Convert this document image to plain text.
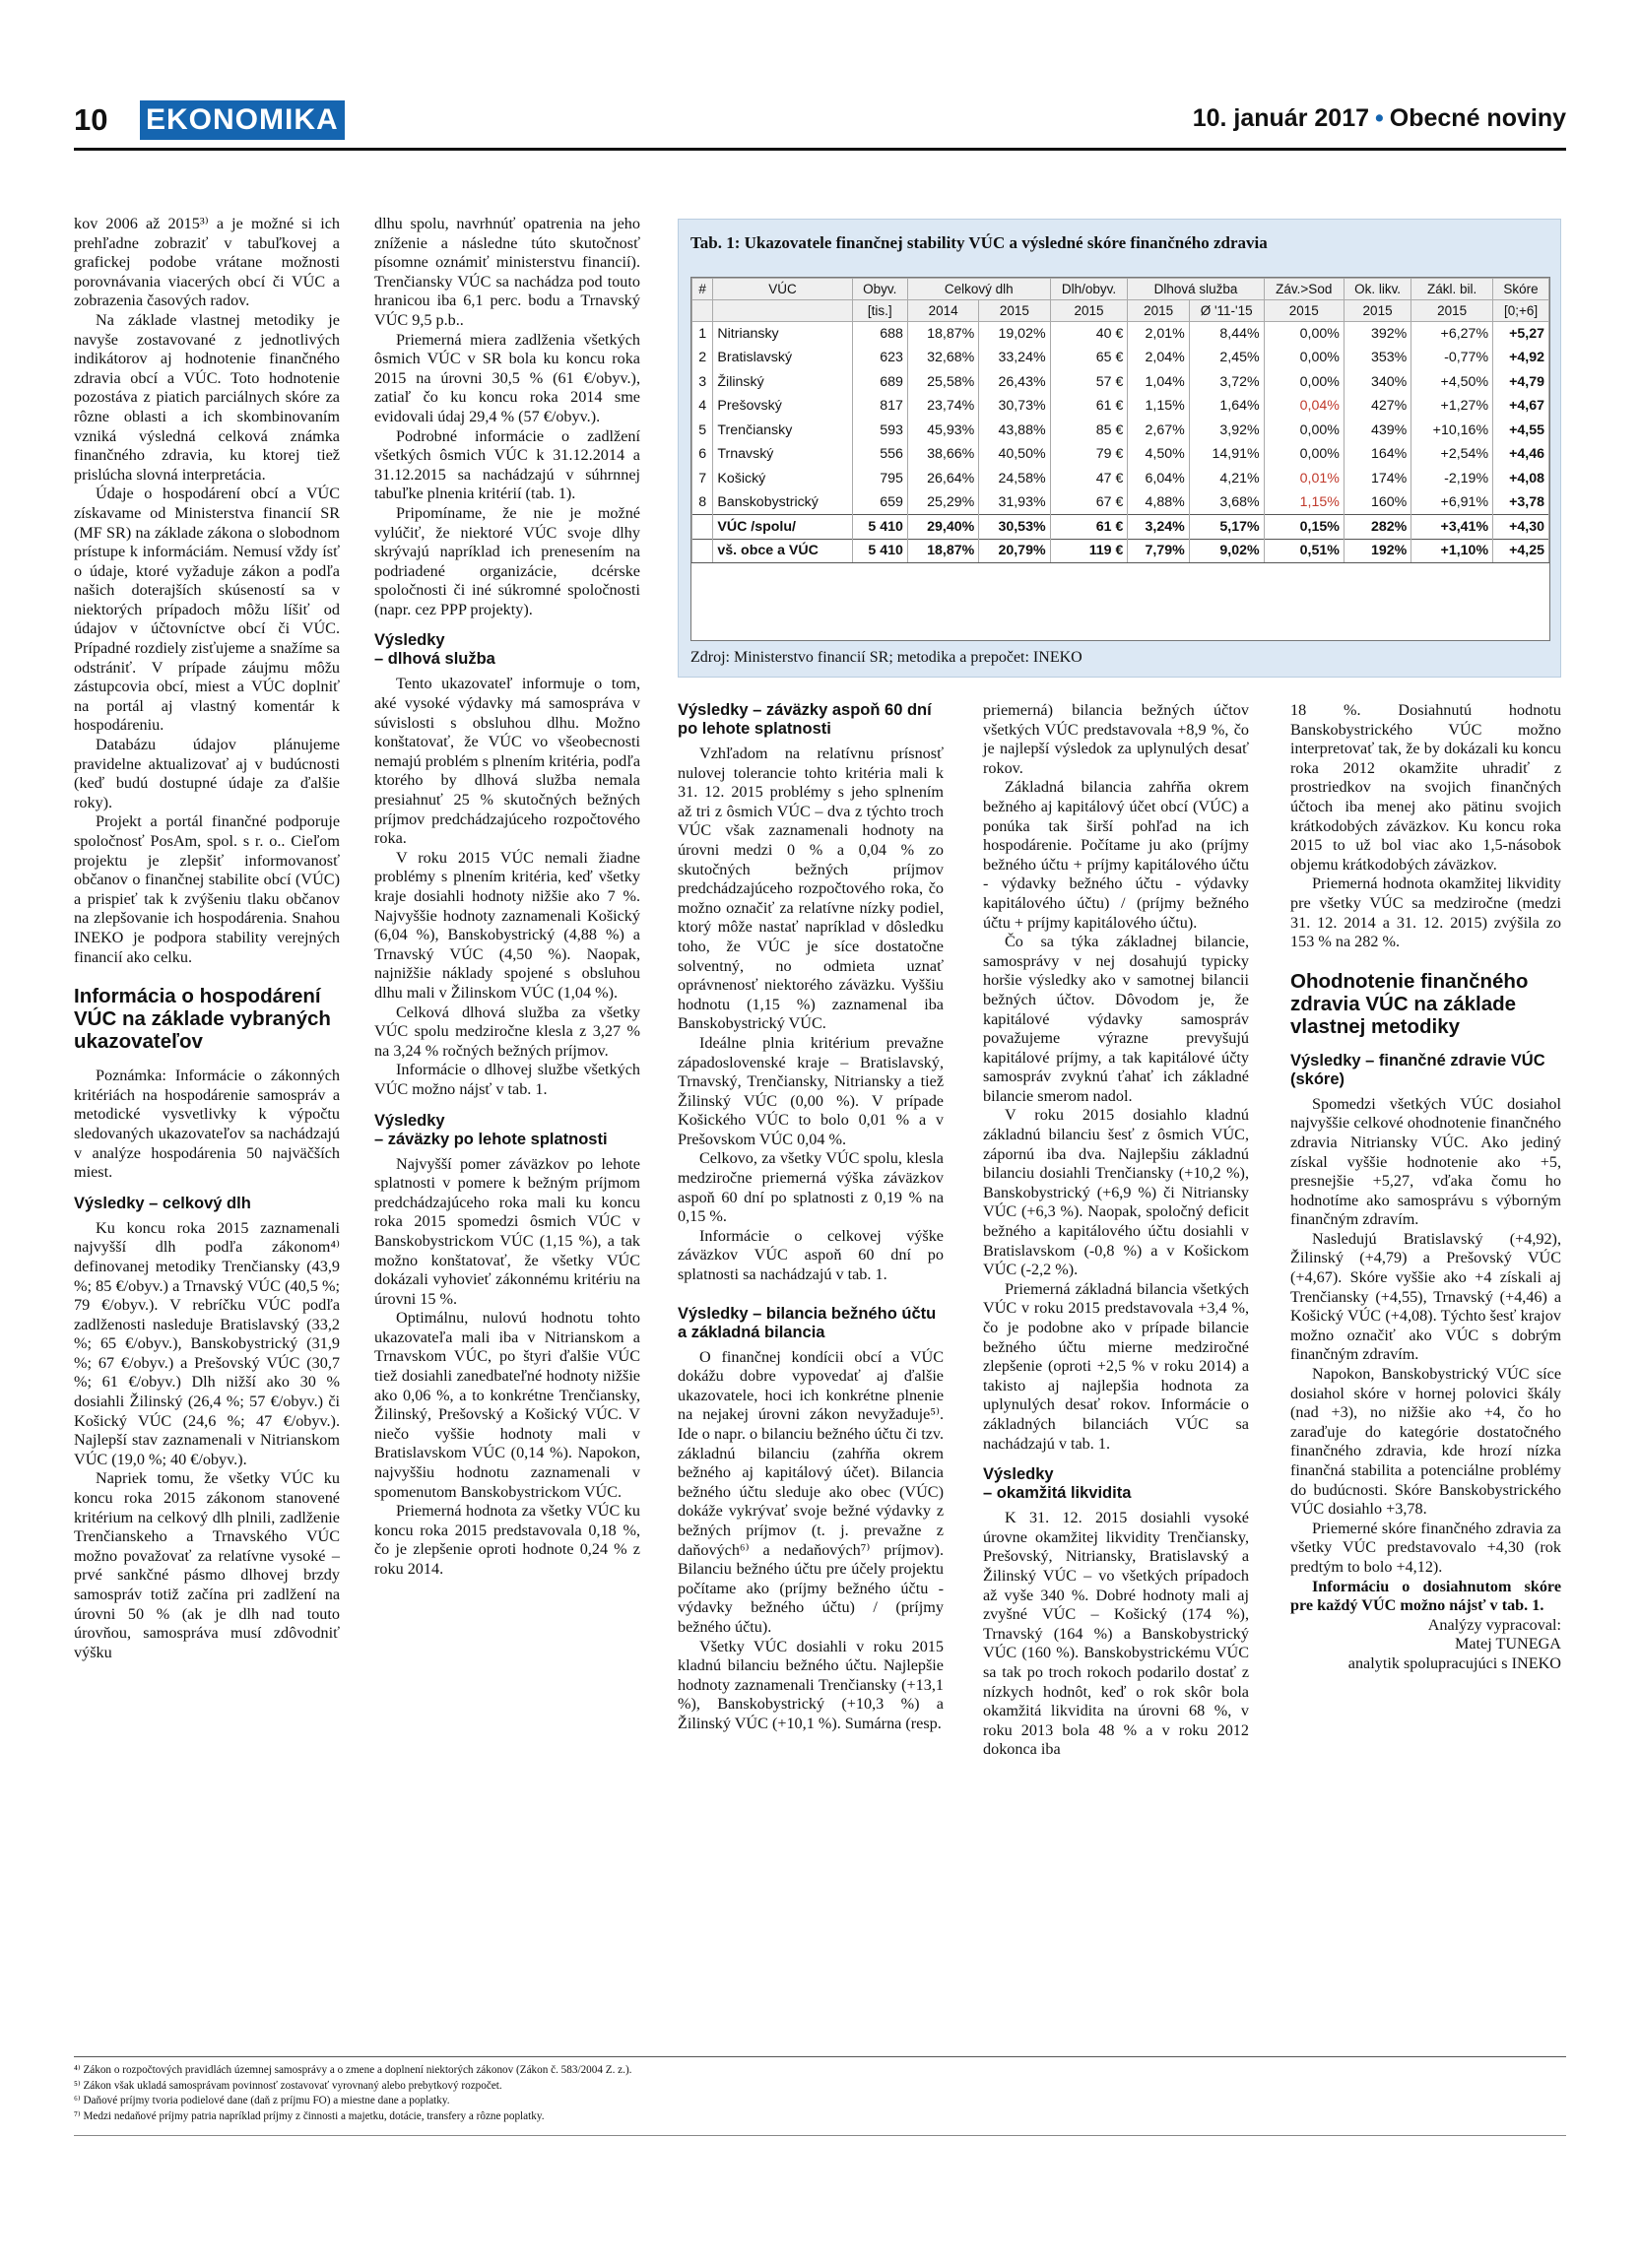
10 EKONOMIKA	10. január 2017 • Obecné noviny

kov 2006 až 2015³⁾ a je možné si ich prehľadne zobraziť v tabuľkovej a grafickej podobe vrátane možnosti porovnávania viacerých obcí či VÚC a zobrazenia časových radov.

Na základe vlastnej metodiky je navyše zostavované z jednotlivých indikátorov aj hodnotenie finančného zdravia obcí a VÚC. Toto hodnotenie pozostáva z piatich parciálnych skóre za rôzne oblasti a ich skombinovaním vzniká výsledná celková známka finančného zdravia, ku ktorej tiež prislúcha slovná interpretácia.

Údaje o hospodárení obcí a VÚC získavame od Ministerstva financií SR (MF SR) na základe zákona o slobodnom prístupe k informáciám. Nemusí vždy ísť o údaje, ktoré vyžaduje zákon a podľa našich doterajších skúseností sa v niektorých prípadoch môžu líšiť od údajov v účtovníctve obcí či VÚC. Prípadné rozdiely zisťujeme a snažíme sa odstrániť. V prípade záujmu môžu zástupcovia obcí, miest a VÚC doplniť na portál aj vlastný komentár k hospodáreniu.

Databázu údajov plánujeme pravidelne aktualizovať aj v budúcnosti (keď budú dostupné údaje za ďalšie roky).

Projekt a portál finančné podporuje spoločnosť PosAm, spol. s r. o.. Cieľom projektu je zlepšiť informovanosť občanov o finančnej stabilite obcí (VÚC) a prispieť tak k zvýšeniu tlaku občanov na zlepšovanie ich hospodárenia. Snahou INEKO je podpora stability verejných financií ako celku.

Informácia o hospodárení VÚC na základe vybraných ukazovateľov

Poznámka: Informácie o zákonných kritériách na hospodárenie samospráv a metodické vysvetlivky k výpočtu sledovaných ukazovateľov sa nachádzajú v analýze hospodárenia 50 najväčších miest.

Výsledky – celkový dlh

Ku koncu roka 2015 zaznamenali najvyšší dlh podľa zákonom⁴⁾ definovanej metodiky Trenčiansky (43,9 %; 85 €/obyv.) a Trnavský VÚC (40,5 %; 79 €/obyv.). V rebríčku VÚC podľa zadlženosti nasleduje Bratislavský (33,2 %; 65 €/obyv.), Banskobystrický (31,9 %; 67 €/obyv.) a Prešovský VÚC (30,7 %; 61 €/obyv.) Dlh nižší ako 30 % dosiahli Žilinský (26,4 %; 57 €/obyv.) či Košický VÚC (24,6 %; 47 €/obyv.). Najlepší stav zaznamenali v Nitrianskom VÚC (19,0 %; 40 €/obyv.).

Napriek tomu, že všetky VÚC ku koncu roka 2015 zákonom stanovené kritérium na celkový dlh plnili, zadlženie Trenčianskeho a Trnavského VÚC možno považovať za relatívne vysoké – prvé sankčné pásmo dlhovej brzdy samospráv totiž začína pri zadlžení na úrovni 50 % (ak je dlh nad touto úrovňou, samospráva musí zdôvodniť výšku

dlhu spolu, navrhnúť opatrenia na jeho zníženie a následne túto skutočnosť písomne oznámiť ministerstvu financií). Trenčiansky VÚC sa nachádza pod touto hranicou iba 6,1 perc. bodu a Trnavský VÚC 9,5 p.b..

Priemerná miera zadlženia všetkých ôsmich VÚC v SR bola ku koncu roka 2015 na úrovni 30,5 % (61 €/obyv.), zatiaľ čo ku koncu roka 2014 sme evidovali údaj 29,4 % (57 €/obyv.).

Podrobné informácie o zadlžení všetkých ôsmich VÚC k 31.12.2014 a 31.12.2015 sa nachádzajú v súhrnnej tabuľke plnenia kritérií (tab. 1).

Pripomíname, že nie je možné vylúčiť, že niektoré VÚC svoje dlhy skrývajú napríklad ich prenesením na podriadené organizácie, dcérske spoločnosti či iné súkromné spoločnosti (napr. cez PPP projekty).

Výsledky
– dlhová služba

Tento ukazovateľ informuje o tom, aké vysoké výdavky má samospráva v súvislosti s obsluhou dlhu. Možno konštatovať, že VÚC vo všeobecnosti nemajú problém s plnením kritéria, podľa ktorého by dlhová služba nemala presiahnuť 25 % skutočných bežných príjmov predchádzajúceho rozpočtového roka.

V roku 2015 VÚC nemali žiadne problémy s plnením kritéria, keď všetky kraje dosiahli hodnoty nižšie ako 7 %. Najvyššie hodnoty zaznamenali Košický (6,04 %), Banskobystrický (4,88 %) a Trnavský VÚC (4,50 %). Naopak, najnižšie náklady spojené s obsluhou dlhu mali v Žilinskom VÚC (1,04 %).

Celková dlhová služba za všetky VÚC spolu medziročne klesla z 3,27 % na 3,24 % ročných bežných príjmov.

Informácie o dlhovej službe všetkých VÚC možno nájsť v tab. 1.

Výsledky
– záväzky po lehote splatnosti

Najvyšší pomer záväzkov po lehote splatnosti v pomere k bežným príjmom predchádzajúceho roka mali ku koncu roka 2015 spomedzi ôsmich VÚC v Banskobystrickom VÚC (1,15 %), a tak možno konštatovať, že všetky VÚC dokázali vyhovieť zákonnému kritériu na úrovni 15 %.

Optimálnu, nulovú hodnotu tohto ukazovateľa mali iba v Nitrianskom a Trnavskom VÚC, po štyri ďalšie VÚC tiež dosiahli zanedbateľné hodnoty nižšie ako 0,06 %, a to konkrétne Trenčiansky, Žilinský, Prešovský a Košický VÚC. V niečo vyššie hodnoty mali v Bratislavskom VÚC (0,14 %). Napokon, najvyššiu hodnotu zaznamenali v spomenutom Banskobystrickom VÚC.

Priemerná hodnota za všetky VÚC ku koncu roka 2015 predstavovala 0,18 %, čo je zlepšenie oproti hodnote 0,24 % z roku 2014.

Tab. 1: Ukazovatele finančnej stability VÚC a výsledné skóre finančného zdravia
#	VÚC	Obyv.	Celkový dlh		Dlh/obyv.	Dlhová služba		Záv.>Sod	Ok. likv.	Zákl. bil.	Skóre
		[tis.]	2014	2015	2015	2015	Ø '11-'15	2015	2015	2015	[0;+6]
1	Nitriansky	688	18,87%	19,02%	40 €	2,01%	8,44%	0,00%	392%	+6,27%	+5,27
2	Bratislavský	623	32,68%	33,24%	65 €	2,04%	2,45%	0,00%	353%	-0,77%	+4,92
3	Žilinský	689	25,58%	26,43%	57 €	1,04%	3,72%	0,00%	340%	+4,50%	+4,79
4	Prešovský	817	23,74%	30,73%	61 €	1,15%	1,64%	0,04%	427%	+1,27%	+4,67
5	Trenčiansky	593	45,93%	43,88%	85 €	2,67%	3,92%	0,00%	439%	+10,16%	+4,55
6	Trnavský	556	38,66%	40,50%	79 €	4,50%	14,91%	0,00%	164%	+2,54%	+4,46
7	Košický	795	26,64%	24,58%	47 €	6,04%	4,21%	0,01%	174%	-2,19%	+4,08
8	Banskobystrický	659	25,29%	31,93%	67 €	4,88%	3,68%	1,15%	160%	+6,91%	+3,78
	VÚC /spolu/	5 410	29,40%	30,53%	61 €	3,24%	5,17%	0,15%	282%	+3,41%	+4,30
	vš. obce a VÚC	5 410	18,87%	20,79%	119 €	7,79%	9,02%	0,51%	192%	+1,10%	+4,25
Zdroj: Ministerstvo financií SR; metodika a prepočet: INEKO
Výsledky – záväzky aspoň 60 dní po lehote splatnosti

Vzhľadom na relatívnu prísnosť nulovej tolerancie tohto kritéria mali k 31. 12. 2015 problémy s jeho splnením až tri z ôsmich VÚC – dva z týchto troch VÚC však zaznamenali hodnoty na úrovni medzi 0 % a 0,04 % zo skutočných bežných príjmov predchádzajúceho rozpočtového roka, čo možno označiť za relatívne nízky podiel, ktorý môže nastať napríklad v dôsledku toho, že VÚC je síce dostatočne solventný, no odmieta uznať oprávnenosť niektorého záväzku. Vyššiu hodnotu (1,15 %) zaznamenal iba Banskobystrický VÚC.

Ideálne plnia kritérium prevažne západoslovenské kraje – Bratislavský, Trnavský, Trenčiansky, Nitriansky a tiež Žilinský VÚC (0,00 %). V prípade Košického VÚC to bolo 0,01 % a v Prešovskom VÚC 0,04 %.

Celkovo, za všetky VÚC spolu, klesla medziročne priemerná výška záväzkov aspoň 60 dní po splatnosti z 0,19 % na 0,15 %.

Informácie o celkovej výške záväzkov VÚC aspoň 60 dní po splatnosti sa nachádzajú v tab. 1.

Výsledky – bilancia bežného účtu a základná bilancia

O finančnej kondícii obcí a VÚC dokážu dobre vypovedať aj ďalšie ukazovatele, hoci ich konkrétne plnenie na nejakej úrovni zákon nevyžaduje⁵⁾. Ide o napr. o bilanciu bežného účtu či tzv. základnú bilanciu (zahŕňa okrem bežného aj kapitálový účet). Bilancia bežného účtu sleduje ako obec (VÚC) dokáže vykrývať svoje bežné výdavky z bežných príjmov (t. j. prevažne z daňových⁶⁾ a nedaňových⁷⁾ príjmov). Bilanciu bežného účtu pre účely projektu počítame ako (príjmy bežného účtu - výdavky bežného účtu) / (príjmy bežného účtu).

Všetky VÚC dosiahli v roku 2015 kladnú bilanciu bežného účtu. Najlepšie hodnoty zaznamenali Trenčiansky (+13,1 %), Banskobystrický (+10,3 %) a Žilinský VÚC (+10,1 %). Sumárna (resp.

priemerná) bilancia bežných účtov všetkých VÚC predstavovala +8,9 %, čo je najlepší výsledok za uplynulých desať rokov.

Základná bilancia zahŕňa okrem bežného aj kapitálový účet obcí (VÚC) a ponúka tak širší pohľad na ich hospodárenie. Počítame ju ako (príjmy bežného účtu + príjmy kapitálového účtu - výdavky bežného účtu - výdavky kapitálového účtu) / (príjmy bežného účtu + príjmy kapitálového účtu).

Čo sa týka základnej bilancie, samosprávy v nej dosahujú typicky horšie výsledky ako v samotnej bilancii bežných účtov. Dôvodom je, že kapitálové výdavky samospráv považujeme výrazne prevyšujú kapitálové príjmy, a tak kapitálové účty samospráv zvyknú ťahať ich základné bilancie smerom nadol.

V roku 2015 dosiahlo kladnú základnú bilanciu šesť z ôsmich VÚC, zápornú iba dva. Najlepšiu základnú bilanciu dosiahli Trenčiansky (+10,2 %), Banskobystrický (+6,9 %) či Nitriansky VÚC (+6,3 %). Naopak, spoločný deficit bežného a kapitálového účtu dosiahli v Bratislavskom (-0,8 %) a v Košickom VÚC (-2,2 %).

Priemerná základná bilancia všetkých VÚC v roku 2015 predstavovala +3,4 %, čo je podobne ako v prípade bilancie bežného účtu mierne medziročné zlepšenie (oproti +2,5 % v roku 2014) a takisto aj najlepšia hodnota za uplynulých desať rokov. Informácie o základných bilanciách VÚC sa nachádzajú v tab. 1.

Výsledky
– okamžitá likvidita

K 31. 12. 2015 dosiahli vysoké úrovne okamžitej likvidity Trenčiansky, Prešovský, Nitriansky, Bratislavský a Žilinský VÚC – vo všetkých prípadoch až vyše 340 %. Dobré hodnoty mali aj zvyšné VÚC – Košický (174 %), Trnavský (164 %) a Banskobystrický VÚC (160 %). Banskobystrickému VÚC sa tak po troch rokoch podarilo dostať z nízkych hodnôt, keď o rok skôr bola okamžitá likvidita na úrovni 68 %, v roku 2013 bola 48 % a v roku 2012 dokonca iba

18 %. Dosiahnutú hodnotu Banskobystrického VÚC možno interpretovať tak, že by dokázali ku koncu roka 2012 okamžite uhradiť z prostriedkov na svojich finančných účtoch iba menej ako pätinu svojich krátkodobých záväzkov. Ku koncu roka 2015 to už bol viac ako 1,5-násobok objemu krátkodobých záväzkov.

Priemerná hodnota okamžitej likvidity pre všetky VÚC sa medziročne (medzi 31. 12. 2014 a 31. 12. 2015) zvýšila zo 153 % na 282 %.

Ohodnotenie finančného zdravia VÚC na základe vlastnej metodiky
Výsledky – finančné zdravie VÚC (skóre)

Spomedzi všetkých VÚC dosiahol najvyššie celkové ohodnotenie finančného zdravia Nitriansky VÚC. Ako jediný získal vyššie hodnotenie ako +5, presnejšie +5,27, vďaka čomu ho hodnotíme ako samosprávu s výborným finančným zdravím.

Nasledujú Bratislavský (+4,92), Žilinský (+4,79) a Prešovský VÚC (+4,67). Skóre vyššie ako +4 získali aj Trenčiansky (+4,55), Trnavský (+4,46) a Košický VÚC (+4,08). Týchto šesť krajov možno označiť ako VÚC s dobrým finančným zdravím.

Napokon, Banskobystrický VÚC síce dosiahol skóre v hornej polovici škály (nad +3), no nižšie ako +4, čo ho zaraďuje do kategórie dostatočného finančného zdravia, kde hrozí nízka finančná stabilita a potenciálne problémy do budúcnosti. Skóre Banskobystrického VÚC dosiahlo +3,78.

Priemerné skóre finančného zdravia za všetky VÚC predstavovalo +4,30 (rok predtým to bolo +4,12).

Informáciu o dosiahnutom skóre pre každý VÚC možno nájsť v tab. 1.

Analýzy vypracoval:
Matej TUNEGA
analytik spolupracujúci s INEKO
⁴⁾ Zákon o rozpočtových pravidlách územnej samosprávy a o zmene a doplnení niektorých zákonov (Zákon č. 583/2004 Z. z.).
⁵⁾ Zákon však ukladá samosprávam povinnosť zostavovať vyrovnaný alebo prebytkový rozpočet.
⁶⁾ Daňové príjmy tvoria podielové dane (daň z príjmu FO) a miestne dane a poplatky.
⁷⁾ Medzi nedaňové príjmy patria napríklad príjmy z činnosti a majetku, dotácie, transfery a rôzne poplatky.
